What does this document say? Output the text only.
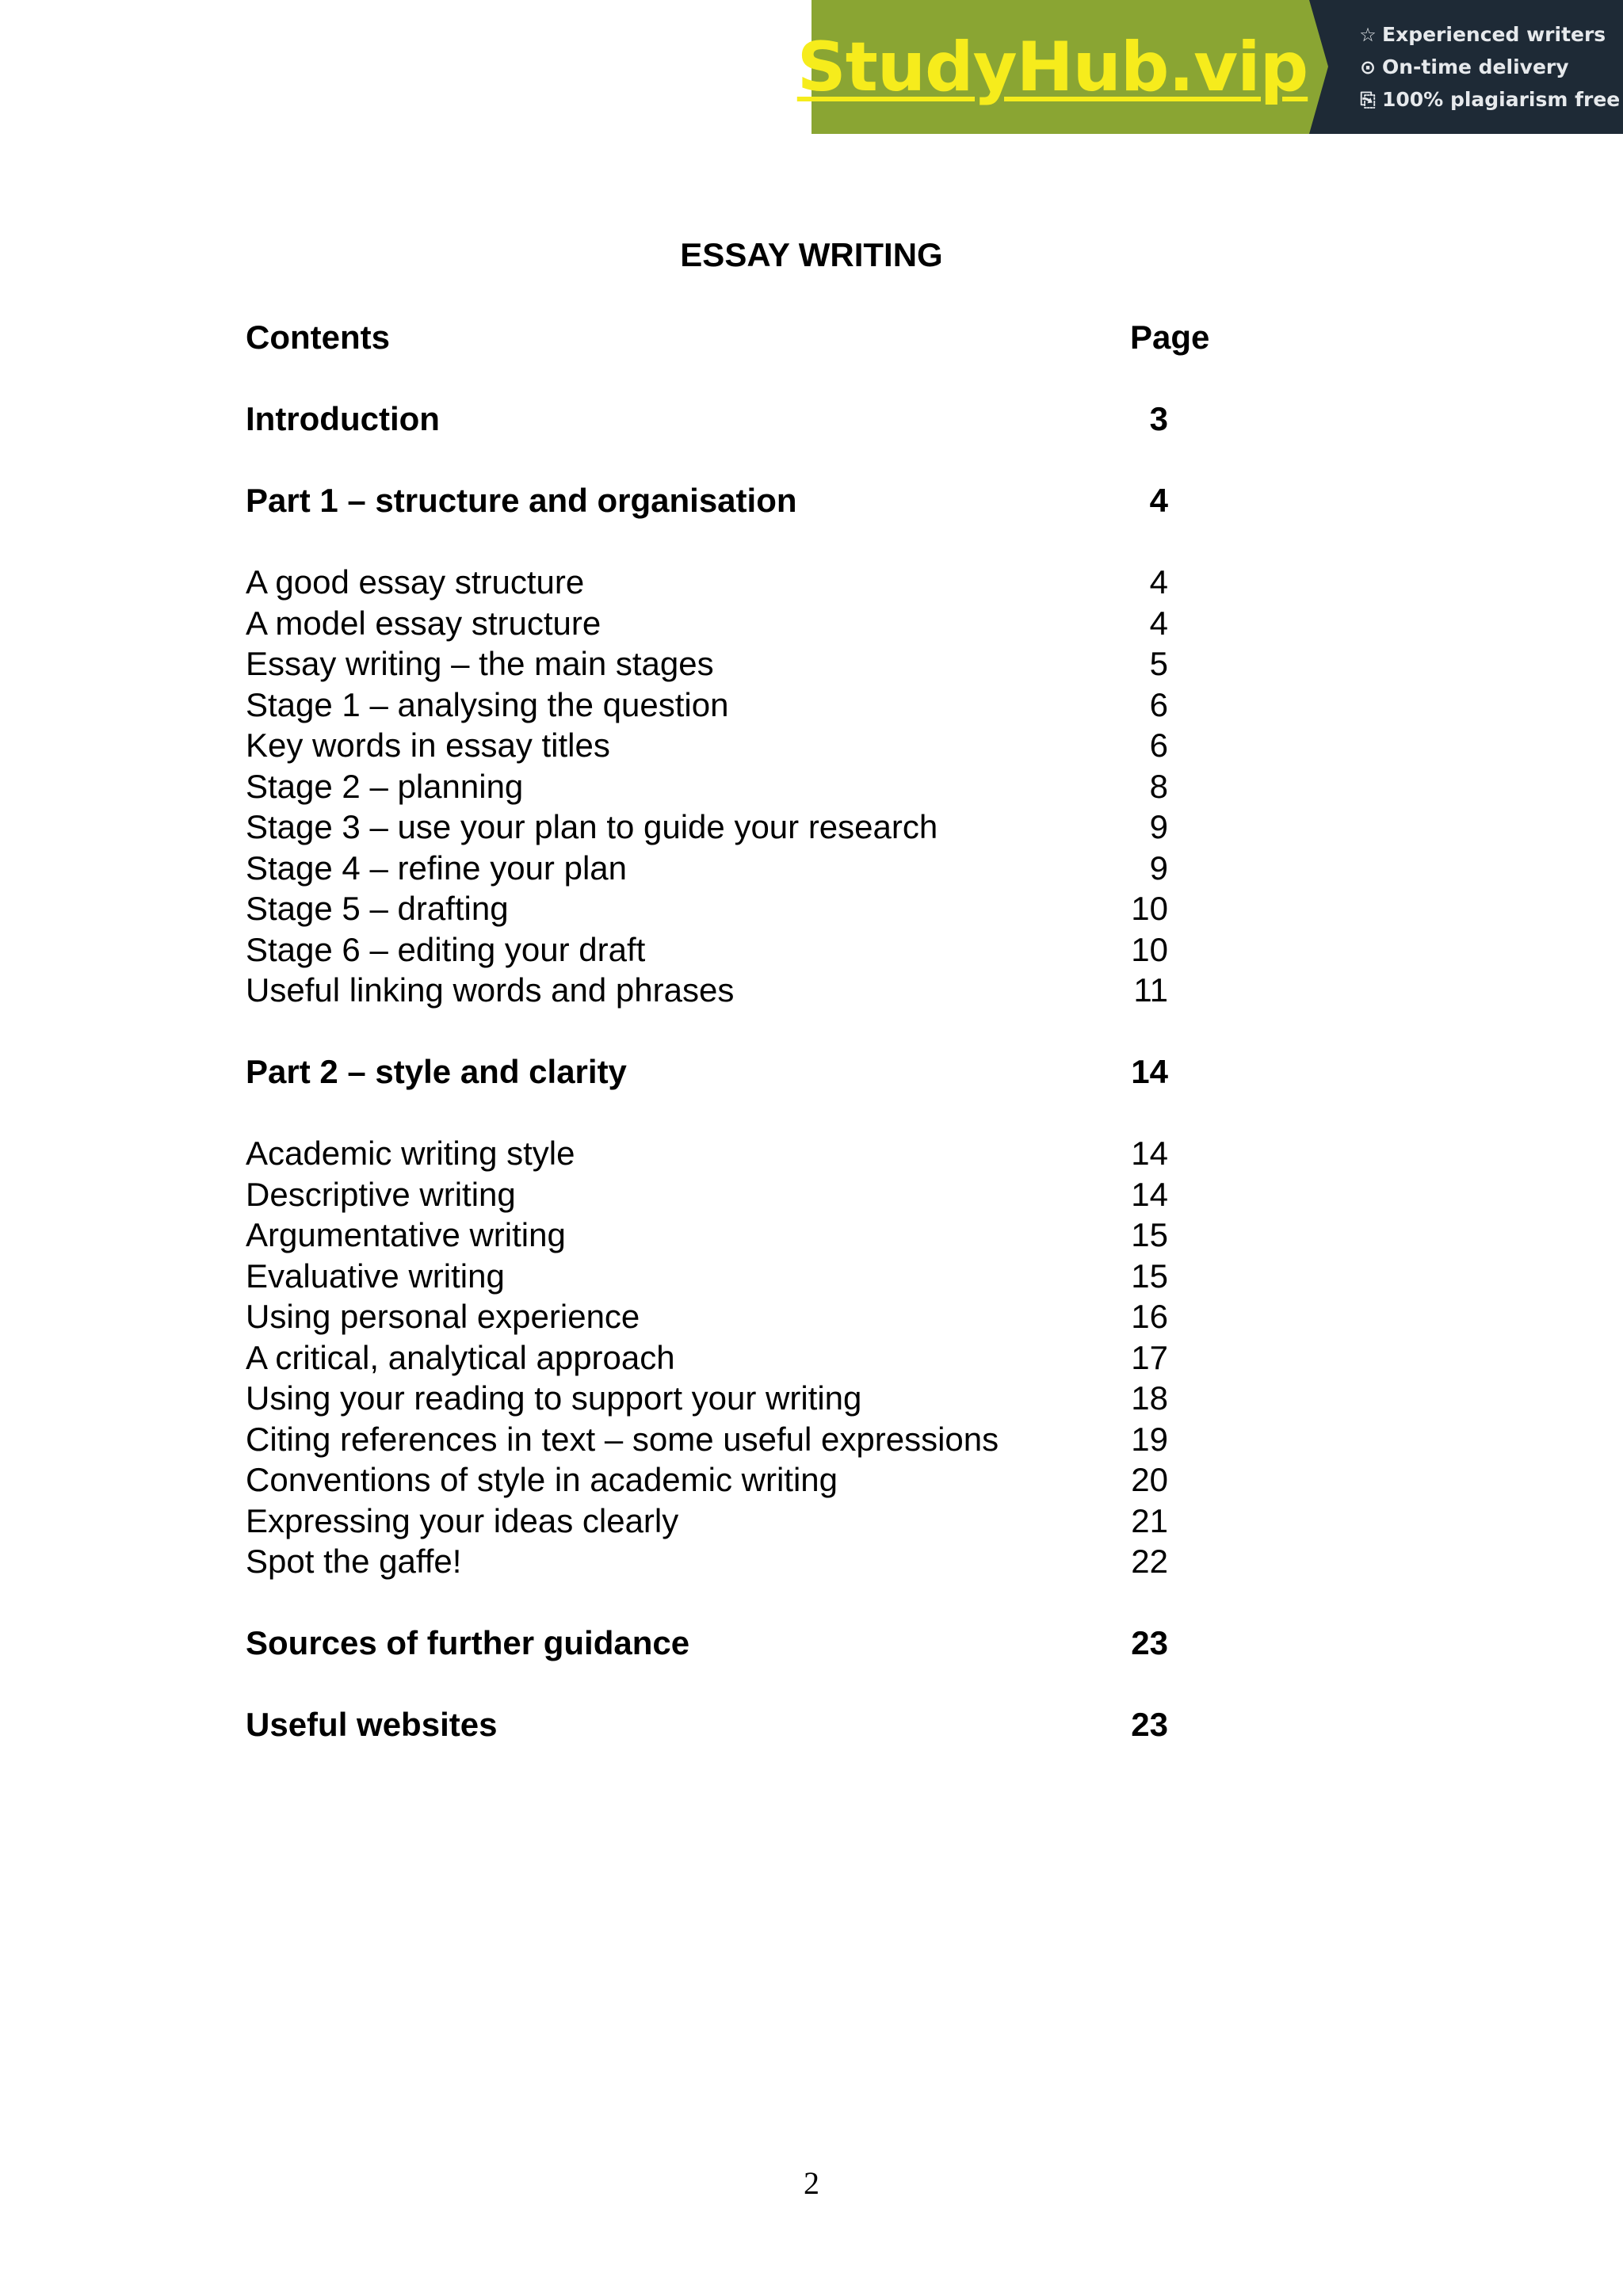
StudyHub.vip	☆ Experienced writers
⊙ On-time delivery
⎘ 100% plagiarism free
ESSAY WRITING
Contents	Page
Introduction	3
Part 1 – structure and organisation	4
A good essay structure	4
A model essay structure	4
Essay writing – the main stages	5
Stage 1 – analysing the question	6
Key words in essay titles	6
Stage 2 – planning	8
Stage 3 – use your plan to guide your research	9
Stage 4 – refine your plan	9
Stage 5 – drafting	10
Stage 6 – editing your draft	10
Useful linking words and phrases	11
Part 2 – style and clarity	14
Academic writing style	14
Descriptive writing	14
Argumentative writing	15
Evaluative writing	15
Using personal experience	16
A critical, analytical approach	17
Using your reading to support your writing	18
Citing references in text – some useful expressions	19
Conventions of style in academic writing	20
Expressing your ideas clearly	21
Spot the gaffe!	22
Sources of further guidance	23
Useful websites	23
2
